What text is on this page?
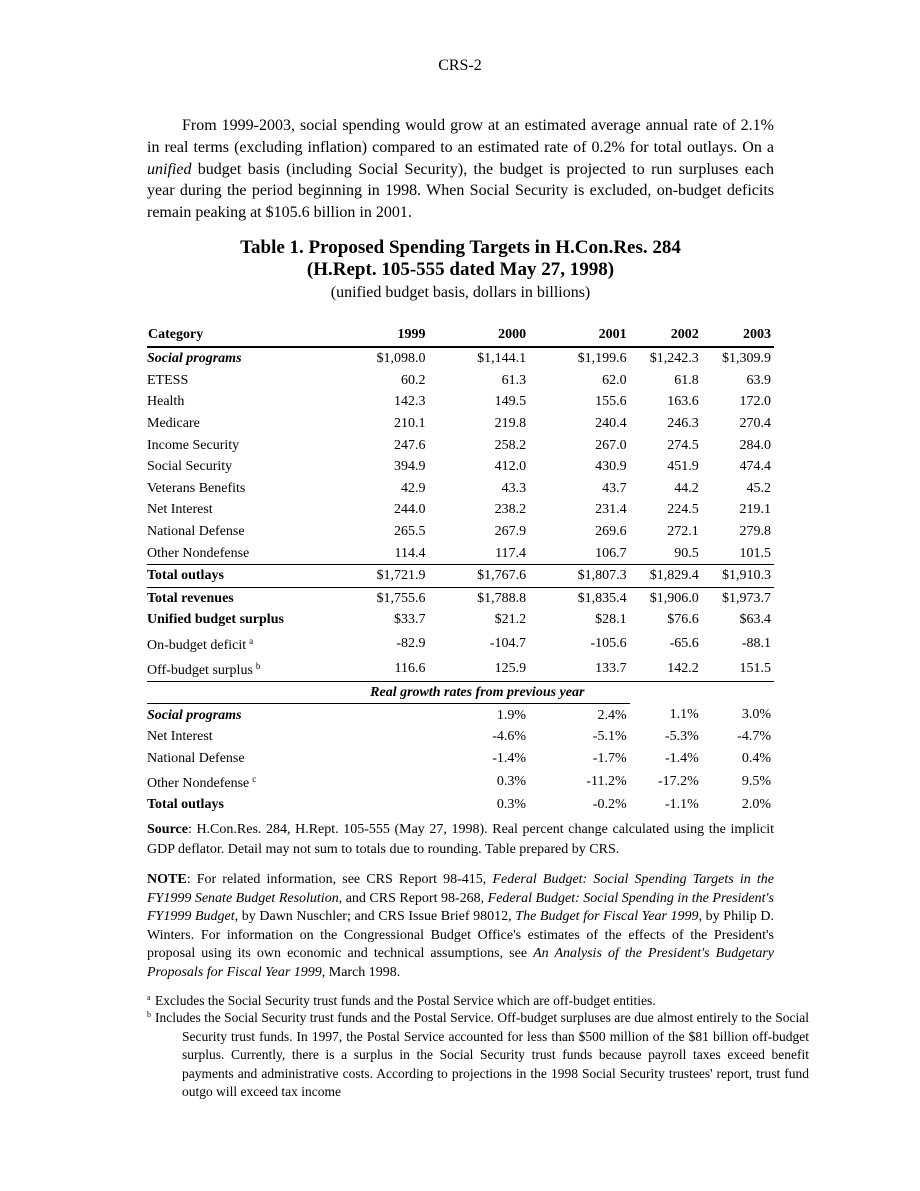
CRS-2

From 1999-2003, social spending would grow at an estimated average annual rate of 2.1% in real terms (excluding inflation) compared to an estimated rate of 0.2% for total outlays. On a unified budget basis (including Social Security), the budget is projected to run surpluses each year during the period beginning in 1998. When Social Security is excluded, on-budget deficits remain peaking at $105.6 billion in 2001.

Table 1. Proposed Spending Targets in H.Con.Res. 284
(H.Rept. 105-555 dated May 27, 1998)
(unified budget basis, dollars in billions)
Category	1999	2000	2001	2002	2003
Social programs	$1,098.0	$1,144.1	$1,199.6	$1,242.3	$1,309.9
ETESS	60.2	61.3	62.0	61.8	63.9
Health	142.3	149.5	155.6	163.6	172.0
Medicare	210.1	219.8	240.4	246.3	270.4
Income Security	247.6	258.2	267.0	274.5	284.0
Social Security	394.9	412.0	430.9	451.9	474.4
Veterans Benefits	42.9	43.3	43.7	44.2	45.2
Net Interest	244.0	238.2	231.4	224.5	219.1
National Defense	265.5	267.9	269.6	272.1	279.8
Other Nondefense	114.4	117.4	106.7	90.5	101.5
Total outlays	$1,721.9	$1,767.6	$1,807.3	$1,829.4	$1,910.3
Total revenues	$1,755.6	$1,788.8	$1,835.4	$1,906.0	$1,973.7
Unified budget surplus	$33.7	$21.2	$28.1	$76.6	$63.4
On-budget deficit $^a$	-82.9	-104.7	-105.6	-65.6	-88.1
Off-budget surplus $^b$	116.6	125.9	133.7	142.2	151.5
	Real growth rates from previous year				
Social programs		1.9%	2.4%	1.1%	3.0%
Net Interest		-4.6%	-5.1%	-5.3%	-4.7%
National Defense		-1.4%	-1.7%	-1.4%	0.4%
Other Nondefense $^c$		0.3%	-11.2%	-17.2%	9.5%
Total outlays		0.3%	-0.2%	-1.1%	2.0%

Source: H.Con.Res. 284, H.Rept. 105-555 (May 27, 1998). Real percent change calculated using the implicit GDP deflator. Detail may not sum to totals due to rounding. Table prepared by CRS.

NOTE: For related information, see CRS Report 98-415, Federal Budget: Social Spending Targets in the FY1999 Senate Budget Resolution, and CRS Report 98-268, Federal Budget: Social Spending in the President's FY1999 Budget, by Dawn Nuschler; and CRS Issue Brief 98012, The Budget for Fiscal Year 1999, by Philip D. Winters. For information on the Congressional Budget Office's estimates of the effects of the President's proposal using its own economic and technical assumptions, see An Analysis of the President's Budgetary Proposals for Fiscal Year 1999, March 1998.

a Excludes the Social Security trust funds and the Postal Service which are off-budget entities.

b Includes the Social Security trust funds and the Postal Service. Off-budget surpluses are due almost entirely to the Social Security trust funds. In 1997, the Postal Service accounted for less than $500 million of the $81 billion off-budget surplus. Currently, there is a surplus in the Social Security trust funds because payroll taxes exceed benefit payments and administrative costs. According to projections in the 1998 Social Security trustees' report, trust fund outgo will exceed tax income
